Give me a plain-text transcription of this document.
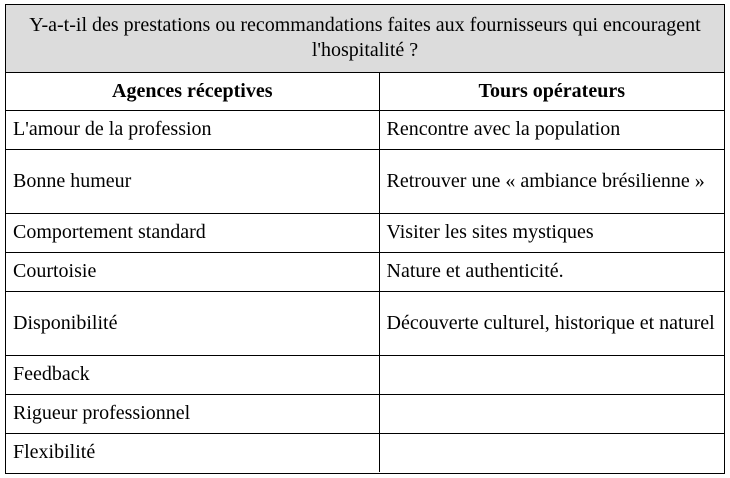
Y-a-t-il des prestations ou recommandations faites aux fournisseurs qui encouragent l'hospitalité ?	
Agences réceptives	Tours opérateurs
L'amour de la profession	Rencontre avec la population
Bonne humeur	Retrouver une « ambiance brésilienne »
Comportement standard	Visiter les sites mystiques
Courtoisie	Nature et authenticité.
Disponibilité	Découverte culturel, historique et naturel
Feedback	
Rigueur professionnel	
Flexibilité	
